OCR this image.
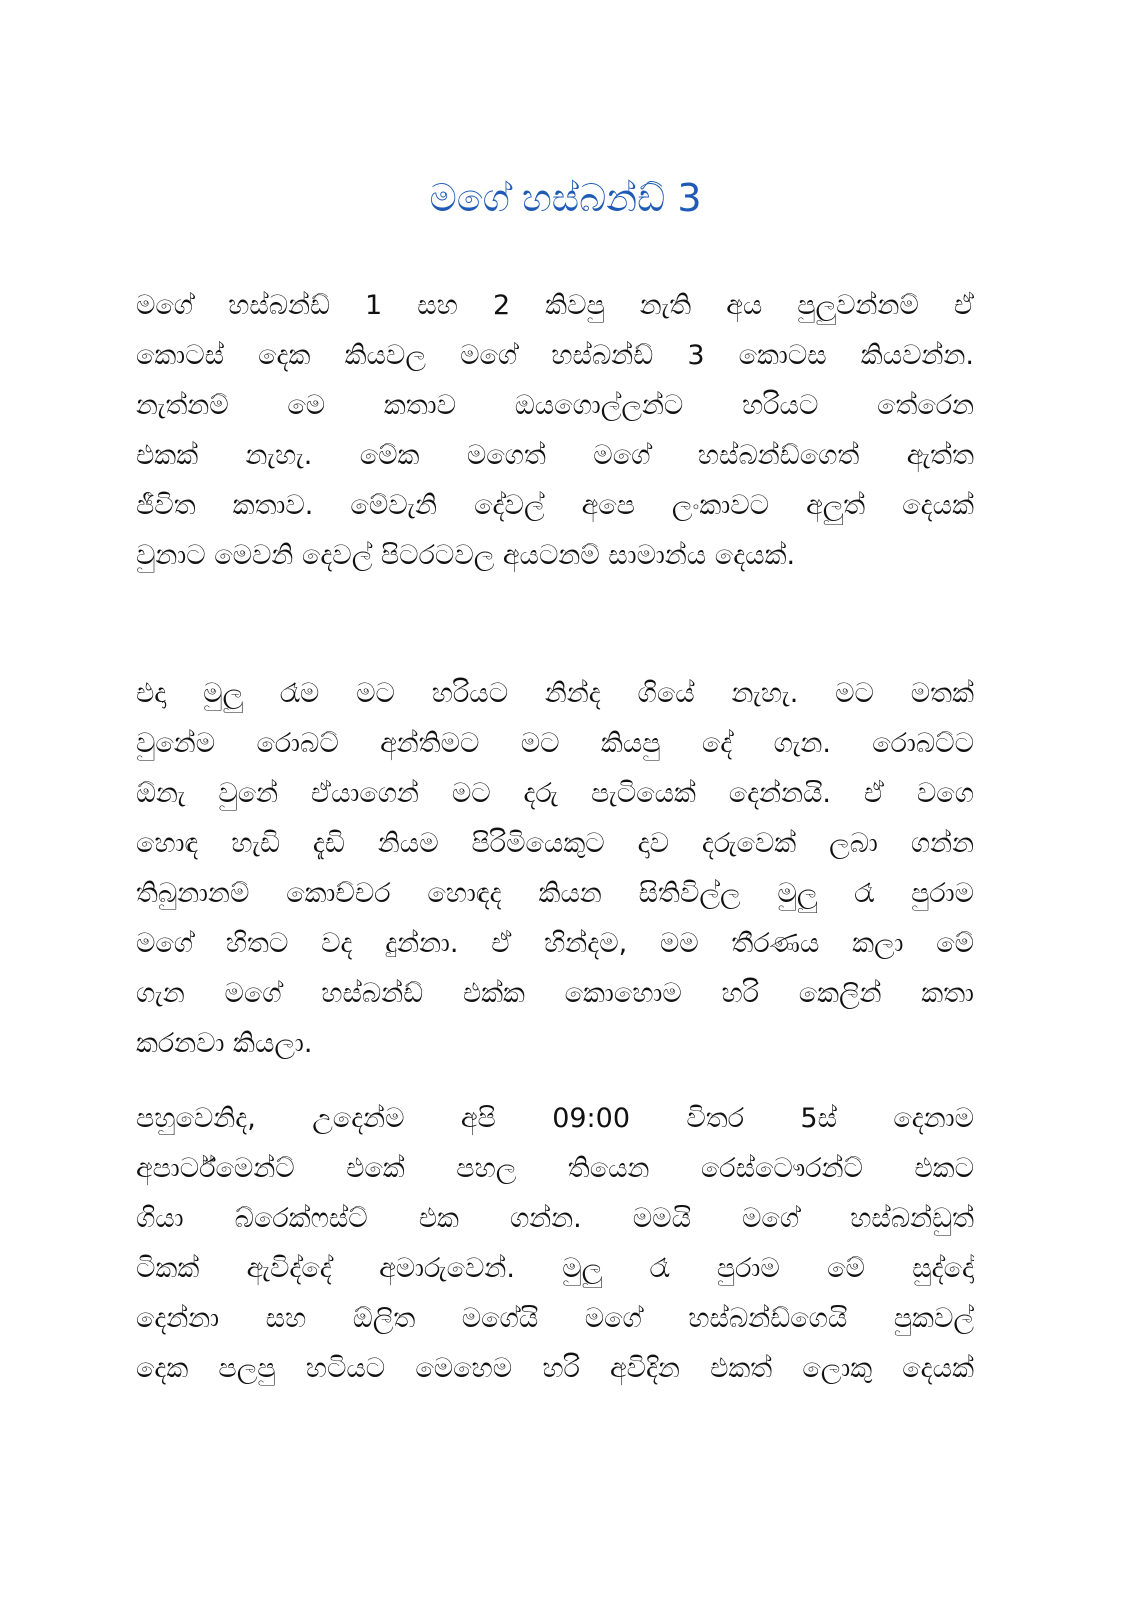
මගේ හස්බන්ඩ් 3
මගේ හස්බන්ඩ් 1 සහ 2 කිවපු නැති අය පුලුවන්නම් ඒ
කොටස් දෙක කියවල මගේ හස්බන්ඩ් 3 කොටස කියවන්න.
නැත්නම් මෙ කතාව ඔයගොල්ලන්ට හරියට තේරෙන
එකක් නැහැ. මේක මගෙත් මගේ හස්බන්ඩ්ගෙත් ඇත්ත
ජීවිත කතාව. මේවැනි දේවල් අපෙ ලංකාවට අලුත් දෙයක්
වුනාට මෙවනි දෙවල් පිටරටවල අයටනම් සාමාන්ය දෙයක්.
එදා මුලු රෑම මට හරියට නින්ද ගියේ නැහැ. මට මතක්
වුනේම රොබට් අන්තිමට මට කියපු දේ ගැන. රොබට්ට
ඕනැ වුනේ ඒයාගෙන් මට දරු පැටියෙක් දෙන්නයි. ඒ වගෙ
හොඳ හැඩි දැඩි නියම පිරිමියෙකුට දාව දරුවෙක් ලබා ගන්න
තිබුනානම් කොච්චර හොඳද කියන සිතිවිල්ල මුලු රෑ පුරාම
මගේ හිතට වද දුන්නා. ඒ හින්දම, මම තීරණය කලා මේ
ගැන මගේ හස්බන්ඩ් එක්ක කොහොම හරි කෙලින් කතා
කරනවා කියලා.
පහුවෙනිද, උදෙන්ම අපි 09:00 විතර 5ස් දෙනාම
අපාර්ට්මෙන්ට් එකේ පහල තියෙන රෙස්ටෞරන්ට් එකට
ගියා බ්රෙක්ෆස්ට් එක ගන්න. මමයි මගේ හස්බන්ඩුත්
ටිකක් ඇවිද්දේ අමාරුවෙන්. මුලු රෑ පුරාම මේ සුද්දෝ
දෙන්නා සහ ඕලිත මගේයි මගේ හස්බන්ඩ්ගෙයි පුකවල්
දෙක පලපු හටියට මෙහෙම හරි අවිදින එකත් ලොකු දෙයක්
